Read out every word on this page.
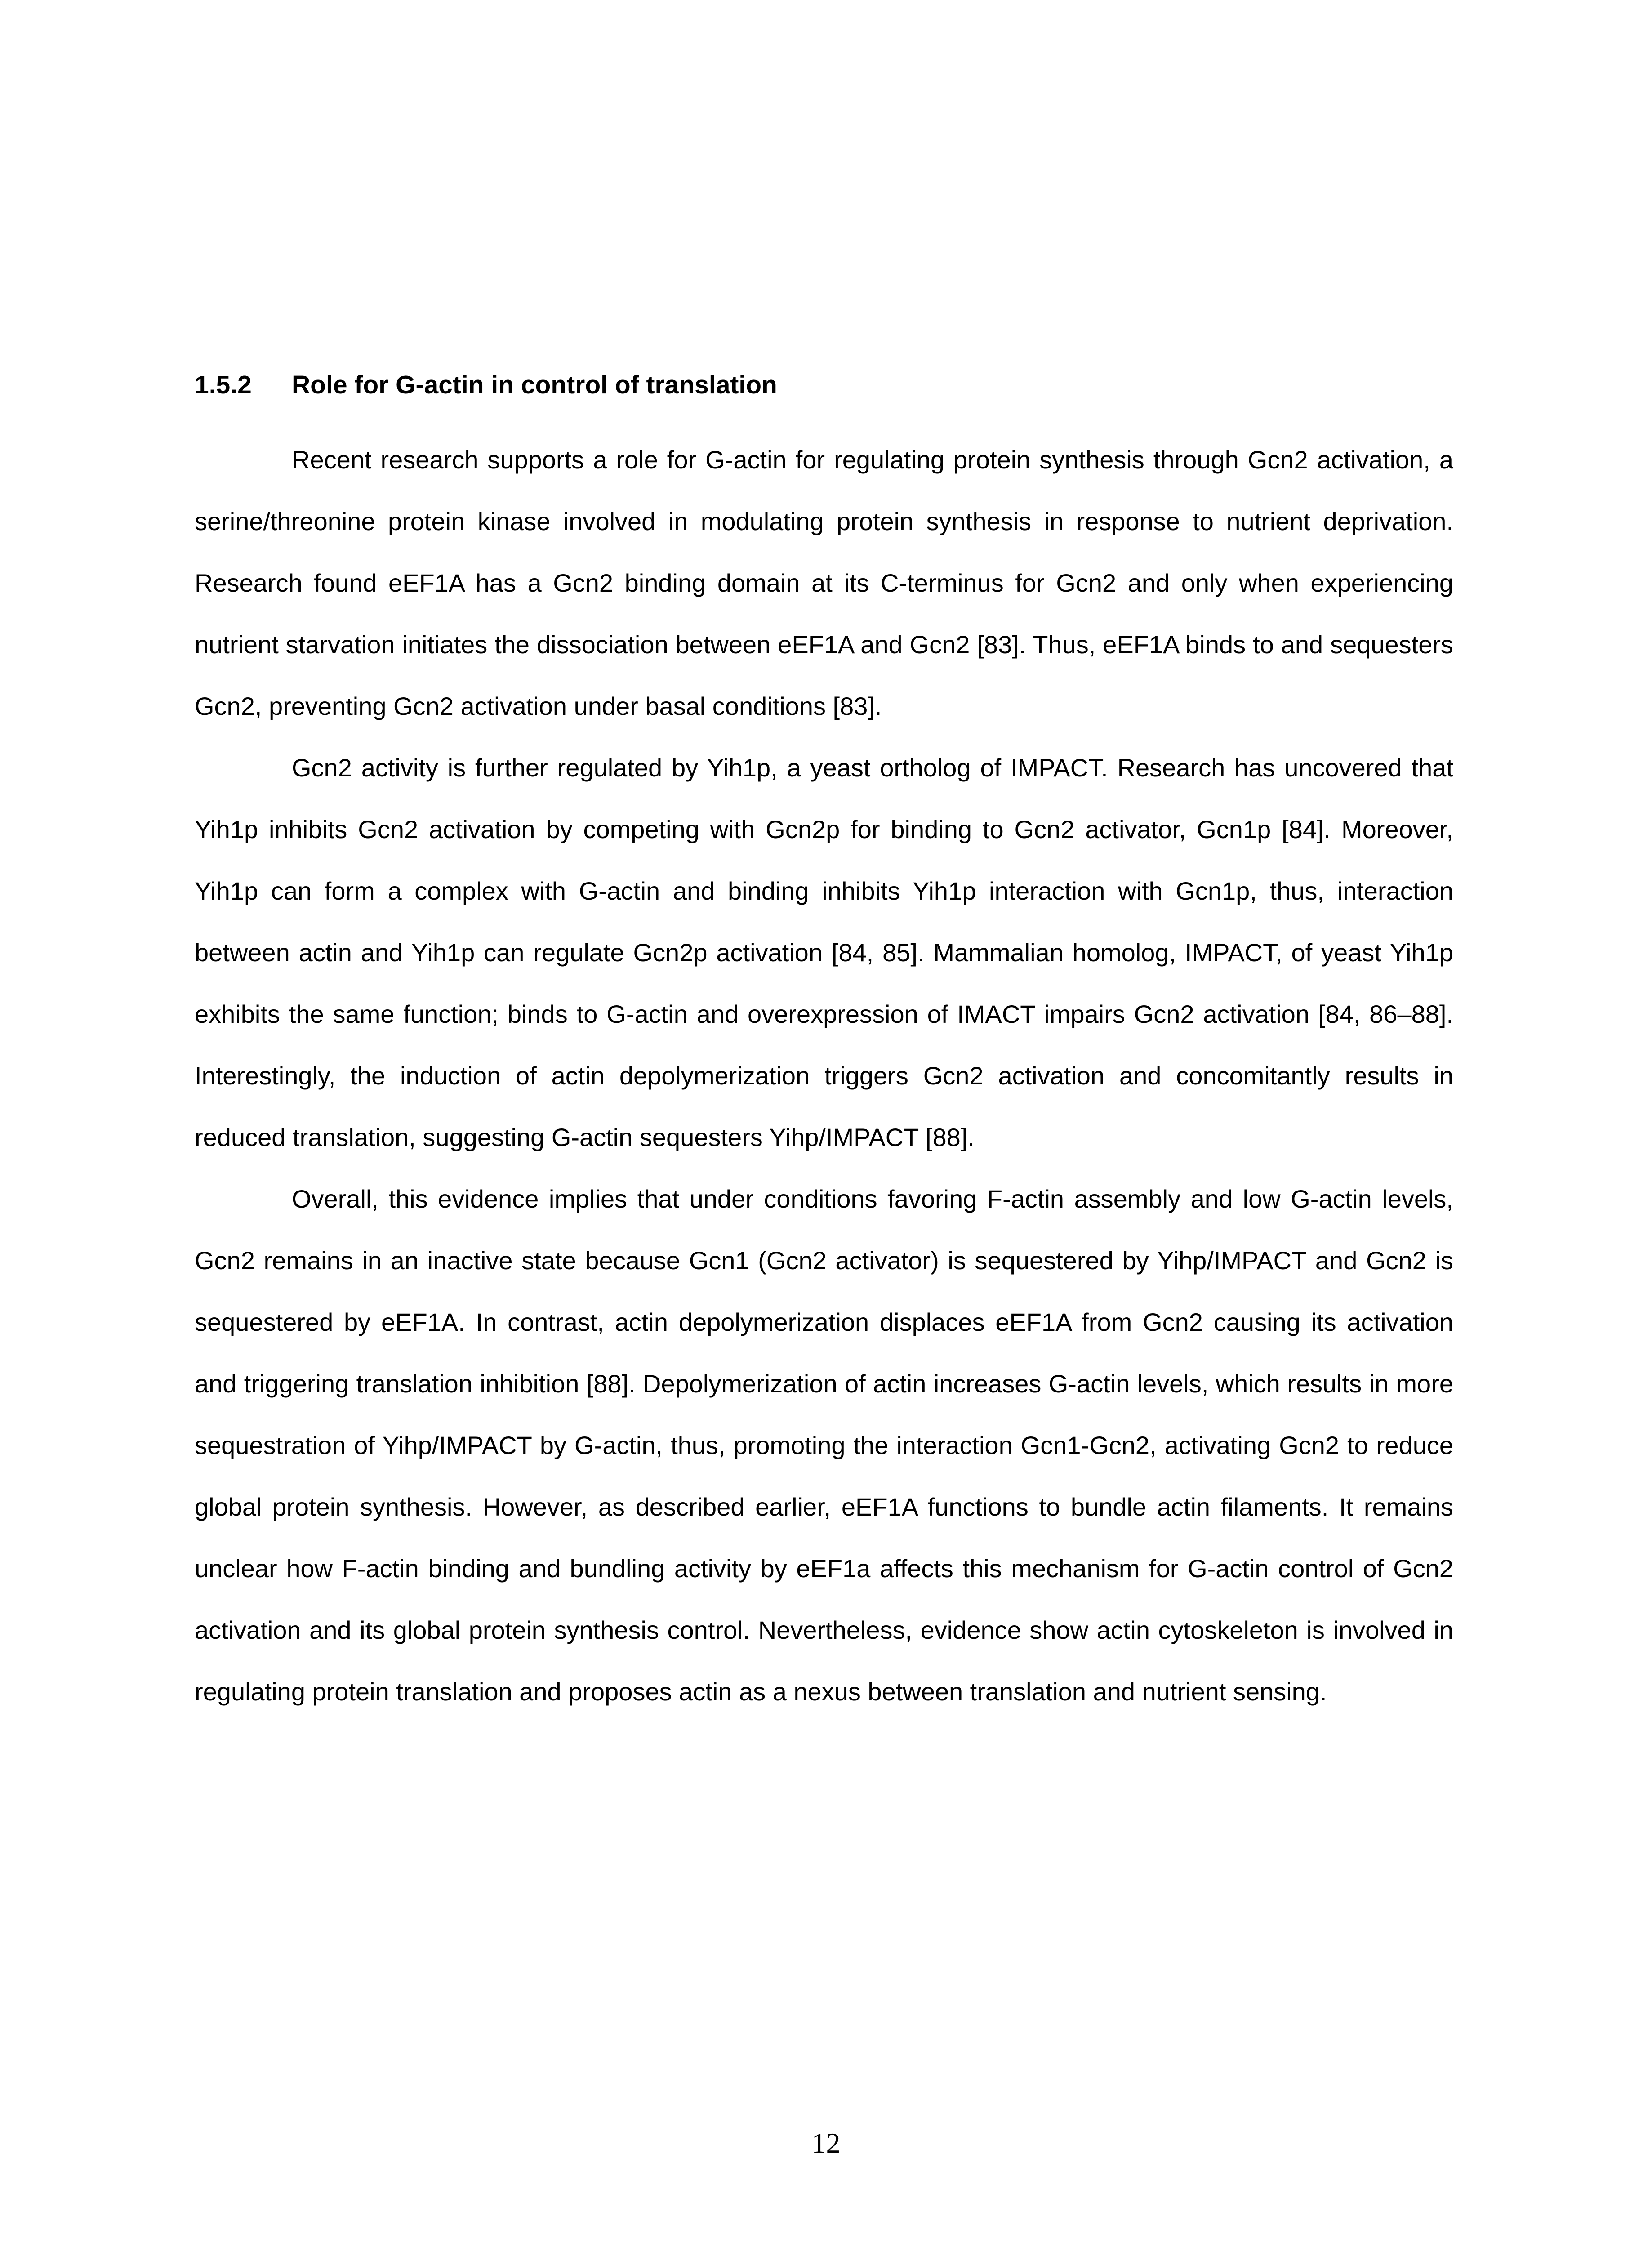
1.5.2	Role for G-actin in control of translation

Recent research supports a role for G-actin for regulating protein synthesis through Gcn2 activation, a serine/threonine protein kinase involved in modulating protein synthesis in response to nutrient deprivation. Research found eEF1A has a Gcn2 binding domain at its C-terminus for Gcn2 and only when experiencing nutrient starvation initiates the dissociation between eEF1A and Gcn2 [83]. Thus, eEF1A binds to and sequesters Gcn2, preventing Gcn2 activation under basal conditions [83].

Gcn2 activity is further regulated by Yih1p, a yeast ortholog of IMPACT. Research has uncovered that Yih1p inhibits Gcn2 activation by competing with Gcn2p for binding to Gcn2 activator, Gcn1p [84]. Moreover, Yih1p can form a complex with G-actin and binding inhibits Yih1p interaction with Gcn1p, thus, interaction between actin and Yih1p can regulate Gcn2p activation [84, 85]. Mammalian homolog, IMPACT, of yeast Yih1p exhibits the same function; binds to G-actin and overexpression of IMACT impairs Gcn2 activation [84, 86–88]. Interestingly, the induction of actin depolymerization triggers Gcn2 activation and concomitantly results in reduced translation, suggesting G-actin sequesters Yihp/IMPACT [88].

Overall, this evidence implies that under conditions favoring F-actin assembly and low G-actin levels, Gcn2 remains in an inactive state because Gcn1 (Gcn2 activator) is sequestered by Yihp/IMPACT and Gcn2 is sequestered by eEF1A. In contrast, actin depolymerization displaces eEF1A from Gcn2 causing its activation and triggering translation inhibition [88]. Depolymerization of actin increases G-actin levels, which results in more sequestration of Yihp/IMPACT by G-actin, thus, promoting the interaction Gcn1-Gcn2, activating Gcn2 to reduce global protein synthesis. However, as described earlier, eEF1A functions to bundle actin filaments. It remains unclear how F-actin binding and bundling activity by eEF1a affects this mechanism for G-actin control of Gcn2 activation and its global protein synthesis control. Nevertheless, evidence show actin cytoskeleton is involved in regulating protein translation and proposes actin as a nexus between translation and nutrient sensing.

12
